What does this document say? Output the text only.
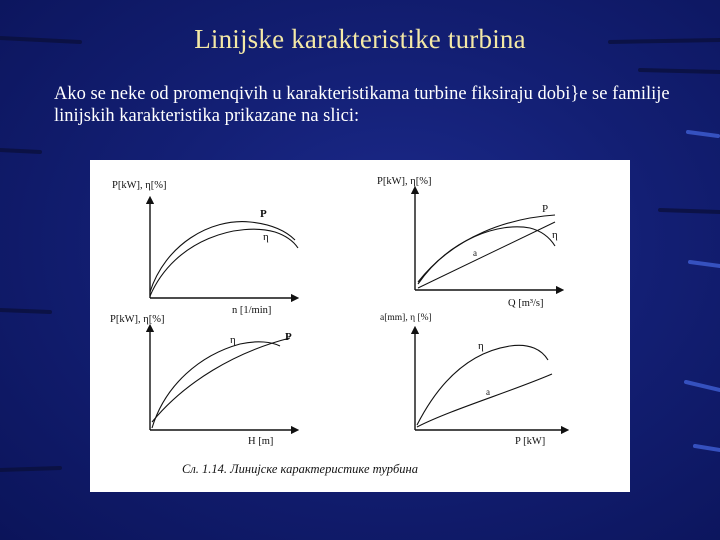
Linijske karakteristike turbina
Ako se neke od promenqivih u karakteristikama turbine fiksiraju dobi}e se familije linijskih karakteristika prikazane na slici:
P[kW], η[%]
n [1/min]
P
η
P[kW], η[%]
Q [m³/s]
P
η
a
P[kW], η[%]
H [m]
η	P
a[mm], η [%]
P [kW]
η
a
Сл. 1.14. Линијске карактеристике турбина
